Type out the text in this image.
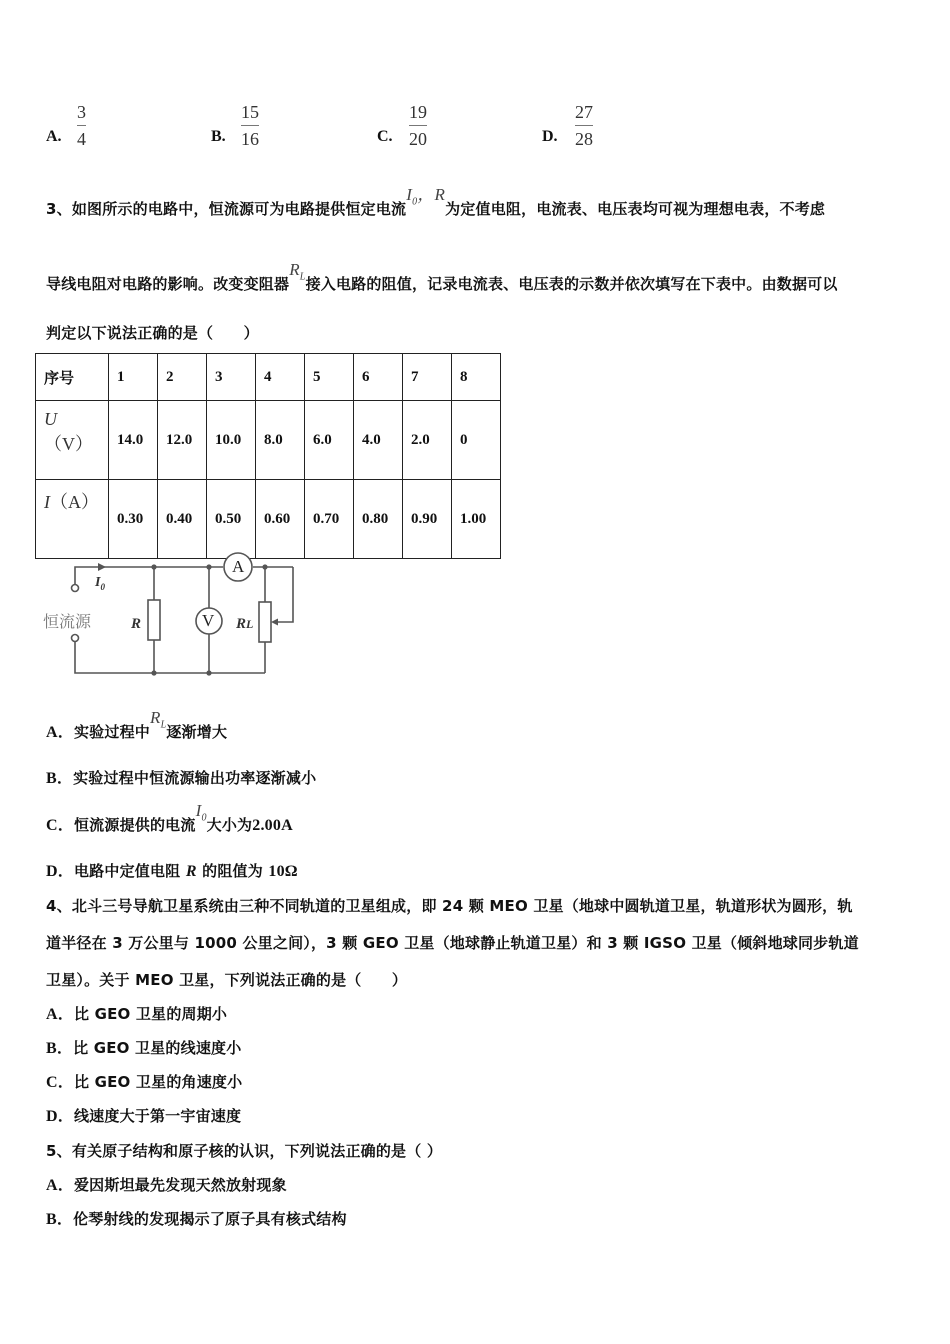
A.
3
4	B.
15
16	C.
19
20	D.
27
28
3、如图所示的电路中，恒流源可为电路提供恒定电流$I_0$，R为定值电阻，电流表、电压表均可视为理想电表，不考虑
导线电阻对电路的影响。改变变阻器$R_L$接入电路的阻值，记录电流表、电压表的示数并依次填写在下表中。由数据可以
判定以下说法正确的是（　　）
序号	1	2	3	4	5	6	7	8
U（V）	14.0	12.0	10.0	8.0	6.0	4.0	2.0	0
I（A）	0.30	0.40	0.50	0.60	0.70	0.80	0.90	1.00
恒流源
$I_0$
R	RL
A
V
A．实验过程中$R_L$逐渐增大
B．实验过程中恒流源输出功率逐渐减小
C．恒流源提供的电流$I_0$大小为2.00A
D．电路中定值电阻 R 的阻值为 10Ω
4、北斗三号导航卫星系统由三种不同轨道的卫星组成，即 24 颗 MEO 卫星（地球中圆轨道卫星，轨道形状为圆形，轨
道半径在 3 万公里与 1000 公里之间），3 颗 GEO 卫星（地球静止轨道卫星）和 3 颗 IGSO 卫星（倾斜地球同步轨道
卫星）。关于 MEO 卫星，下列说法正确的是（　　）
A．比 GEO 卫星的周期小
B．比 GEO 卫星的线速度小
C．比 GEO 卫星的角速度小
D．线速度大于第一宇宙速度
5、有关原子结构和原子核的认识，下列说法正确的是（ ）
A．爱因斯坦最先发现天然放射现象
B．伦琴射线的发现揭示了原子具有核式结构
